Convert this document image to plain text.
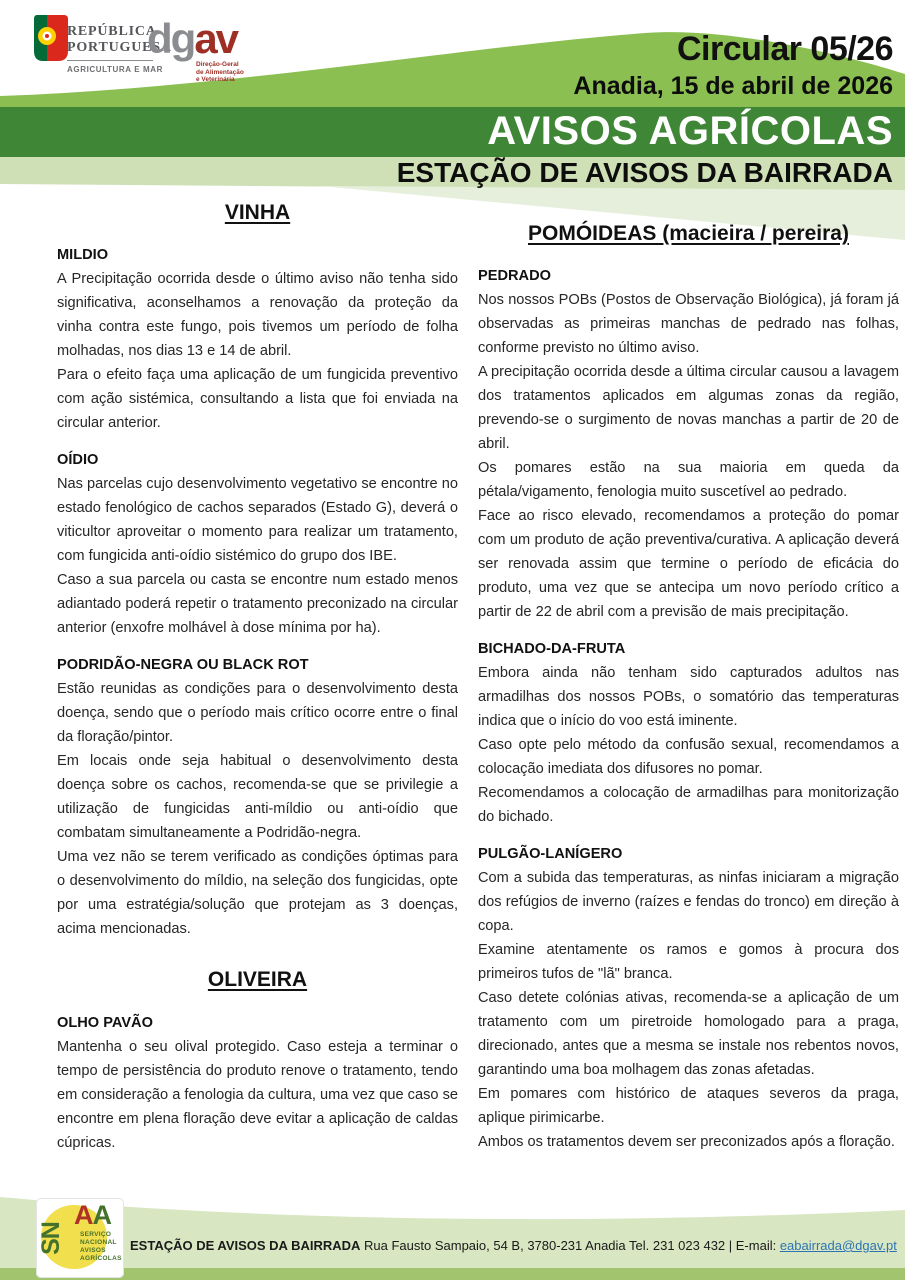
REPÚBLICA
PORTUGUESA
AGRICULTURA E MAR
dgav
Direção-Geral
de Alimentação
e Veterinária
Circular 05/26
Anadia, 15 de abril de 2026
AVISOS AGRÍCOLAS
ESTAÇÃO DE AVISOS DA BAIRRADA
VINHA
MILDIO

A Precipitação ocorrida desde o último aviso não tenha sido significativa, aconselhamos a renovação da proteção da vinha contra este fungo, pois tivemos um período de folha molhadas, nos dias 13 e 14 de abril.

Para o efeito faça uma aplicação de um fungicida preventivo com ação sistémica, consultando a lista que foi enviada na circular anterior.

OÍDIO

Nas parcelas cujo desenvolvimento vegetativo se encontre no estado fenológico de cachos separados (Estado G), deverá o viticultor aproveitar o momento para realizar um tratamento, com fungicida anti-oídio sistémico do grupo dos IBE.

Caso a sua parcela ou casta se encontre num estado menos adiantado poderá repetir o tratamento preconizado na circular anterior (enxofre molhável à dose mínima por ha).

PODRIDÃO-NEGRA OU BLACK ROT

Estão reunidas as condições para o desenvolvimento desta doença, sendo que o período mais crítico ocorre entre o final da floração/pintor.

Em locais onde seja habitual o desenvolvimento desta doença sobre os cachos, recomenda-se que se privilegie a utilização de fungicidas anti-míldio ou anti-oídio que combatam simultaneamente a Podridão-negra.

Uma vez não se terem verificado as condições óptimas para o desenvolvimento do míldio, na seleção dos fungicidas, opte por uma estratégia/solução que protejam as 3 doenças, acima mencionadas.

OLIVEIRA
OLHO PAVÃO

Mantenha o seu olival protegido. Caso esteja a terminar o tempo de persistência do produto renove o tratamento, tendo em consideração a fenologia da cultura, uma vez que caso se encontre em plena floração deve evitar a aplicação de caldas cúpricas.

POMÓIDEAS (macieira / pereira)
PEDRADO

Nos nossos POBs (Postos de Observação Biológica), já foram já observadas as primeiras manchas de pedrado nas folhas, conforme previsto no último aviso.

A precipitação ocorrida desde a última circular causou a lavagem dos tratamentos aplicados em algumas zonas da região, prevendo-se o surgimento de novas manchas a partir de 20 de abril.

Os pomares estão na sua maioria em queda da pétala/vigamento, fenologia muito suscetível ao pedrado.

Face ao risco elevado, recomendamos a proteção do pomar com um produto de ação preventiva/curativa. A aplicação deverá ser renovada assim que termine o período de eficácia do produto, uma vez que se antecipa um novo período crítico a partir de 22 de abril com a previsão de mais precipitação.

BICHADO-DA-FRUTA

Embora ainda não tenham sido capturados adultos nas armadilhas dos nossos POBs, o somatório das temperaturas indica que o início do voo está iminente.

Caso opte pelo método da confusão sexual, recomendamos a colocação imediata dos difusores no pomar.

Recomendamos a colocação de armadilhas para monitorização do bichado.

PULGÃO-LANÍGERO

Com a subida das temperaturas, as ninfas iniciaram a migração dos refúgios de inverno (raízes e fendas do tronco) em direção à copa.

Examine atentamente os ramos e gomos à procura dos primeiros tufos de "lã" branca.

Caso detete colónias ativas, recomenda-se a aplicação de um tratamento com um piretroide homologado para a praga, direcionado, antes que a mesma se instale nos rebentos novos, garantindo uma boa molhagem das zonas afetadas.

Em pomares com histórico de ataques severos da praga, aplique pirimicarbe.

Ambos os tratamentos devem ser preconizados após a floração.

SN
AA
SERVIÇO
NACIONAL
AVISOS
AGRÍCOLAS
ESTAÇÃO DE AVISOS DA BAIRRADA Rua Fausto Sampaio, 54 B, 3780-231 Anadia Tel. 231 023 432 | E-mail: eabairrada@dgav.pt
